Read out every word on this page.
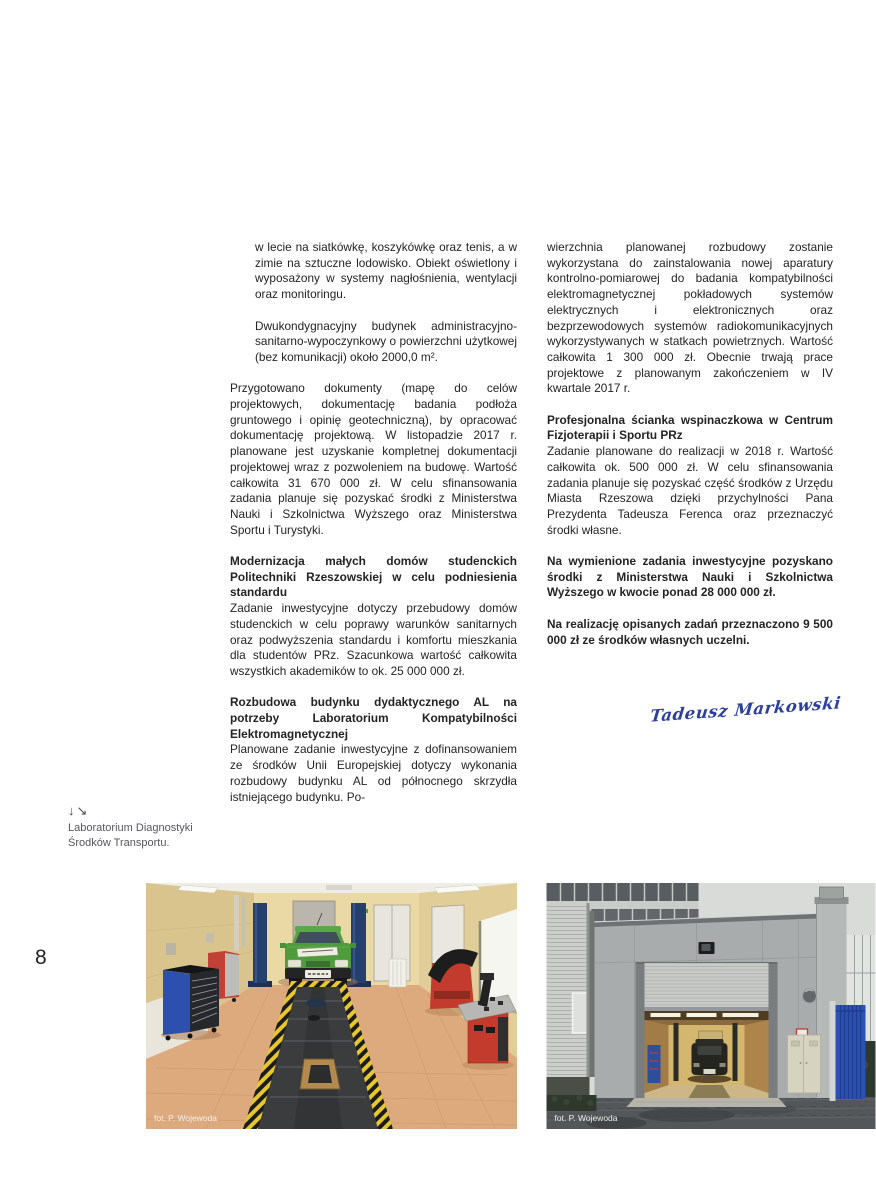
↓↘
Laboratorium Diagnostyki Środków Transportu.
8

w lecie na siatkówkę, koszykówkę oraz tenis, a w zimie na sztuczne lodowisko. Obiekt oświetlony i wyposażony w systemy nagłośnienia, wentylacji oraz monitoringu.

Dwukondygnacyjny budynek administracyjno-sanitarno-wypoczynkowy o powierzchni użytkowej (bez komunikacji) około 2000,0 m².

Przygotowano dokumenty (mapę do celów projektowych, dokumentację badania podłoża gruntowego i opinię geotechniczną), by opracować dokumentację projektową. W listopadzie 2017 r. planowane jest uzyskanie kompletnej dokumentacji projektowej wraz z pozwoleniem na budowę. Wartość całkowita 31 670 000 zł. W celu sfinansowania zadania planuje się pozyskać środki z Ministerstwa Nauki i Szkolnictwa Wyższego oraz Ministerstwa Sportu i Turystyki.

Modernizacja małych domów studenckich Politechniki Rzeszowskiej w celu podniesienia standardu

Zadanie inwestycyjne dotyczy przebudowy domów studenckich w celu poprawy warunków sanitarnych oraz podwyższenia standardu i komfortu mieszkania dla studentów PRz. Szacunkowa wartość całkowita wszystkich akademików to ok. 25 000 000 zł.

Rozbudowa budynku dydaktycznego AL na potrzeby Laboratorium Kompatybilności Elektromagnetycznej

Planowane zadanie inwestycyjne z dofinansowaniem ze środków Unii Europejskiej dotyczy wykonania rozbudowy budynku AL od północnego skrzydła istniejącego budynku. Po-

wierzchnia planowanej rozbudowy zostanie wykorzystana do zainstalowania nowej aparatury kontrolno-pomiarowej do badania kompatybilności elektromagnetycznej pokładowych systemów elektrycznych i elektronicznych oraz bezprzewodowych systemów radiokomunikacyjnych wykorzystywanych w statkach powietrznych. Wartość całkowita 1 300 000 zł. Obecnie trwają prace projektowe z planowanym zakończeniem w IV kwartale 2017 r.

Profesjonalna ścianka wspinaczkowa w Centrum Fizjoterapii i Sportu PRz

Zadanie planowane do realizacji w 2018 r. Wartość całkowita ok. 500 000 zł. W celu sfinansowania zadania planuje się pozyskać część środków z Urzędu Miasta Rzeszowa dzięki przychylności Pana Prezydenta Tadeusza Ferenca oraz przeznaczyć środki własne.

Na wymienione zadania inwestycyjne pozyskano środki z Ministerstwa Nauki i Szkolnictwa Wyższego w kwocie ponad 28 000 000 zł.

Na realizację opisanych zadań przeznaczono 9 500 000 zł ze środków własnych uczelni.

Tadeusz Markowski
fot. P. Wojewoda	fot. P. Wojewoda
